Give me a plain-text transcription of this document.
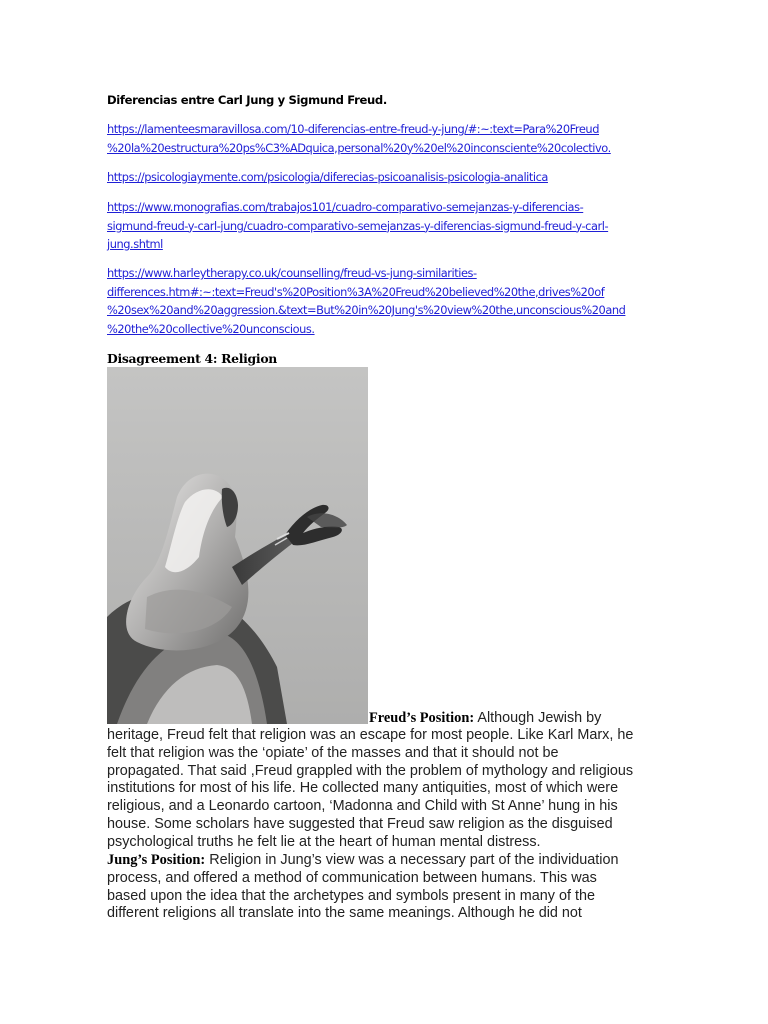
Diferencias entre Carl Jung y Sigmund Freud.
https://lamenteesmaravillosa.com/10-diferencias-entre-freud-y-jung/#:~:text=Para%20Freud
%20la%20estructura%20ps%C3%ADquica,personal%20y%20el%20inconsciente%20colectivo.
https://psicologiaymente.com/psicologia/diferecias-psicoanalisis-psicologia-analitica
https://www.monografias.com/trabajos101/cuadro-comparativo-semejanzas-y-diferencias-
sigmund-freud-y-carl-jung/cuadro-comparativo-semejanzas-y-diferencias-sigmund-freud-y-carl-
jung.shtml
https://www.harleytherapy.co.uk/counselling/freud-vs-jung-similarities-
differences.htm#:~:text=Freud's%20Position%3A%20Freud%20believed%20the,drives%20of
%20sex%20and%20aggression.&text=But%20in%20Jung's%20view%20the,unconscious%20and
%20the%20collective%20unconscious.
Disagreement 4: Religion
Freud’s Position: Although Jewish by
heritage, Freud felt that religion was an escape for most people. Like Karl Marx, he
felt that religion was the ‘opiate’ of the masses and that it should not be
propagated. That said ,Freud grappled with the problem of mythology and religious
institutions for most of his life. He collected many antiquities, most of which were
religious, and a Leonardo cartoon, ‘Madonna and Child with St Anne’ hung in his
house. Some scholars have suggested that Freud saw religion as the disguised
psychological truths he felt lie at the heart of human mental distress.
Jung’s Position: Religion in Jung’s view was a necessary part of the individuation
process, and offered a method of communication between humans. This was
based upon the idea that the archetypes and symbols present in many of the
different religions all translate into the same meanings. Although he did not
